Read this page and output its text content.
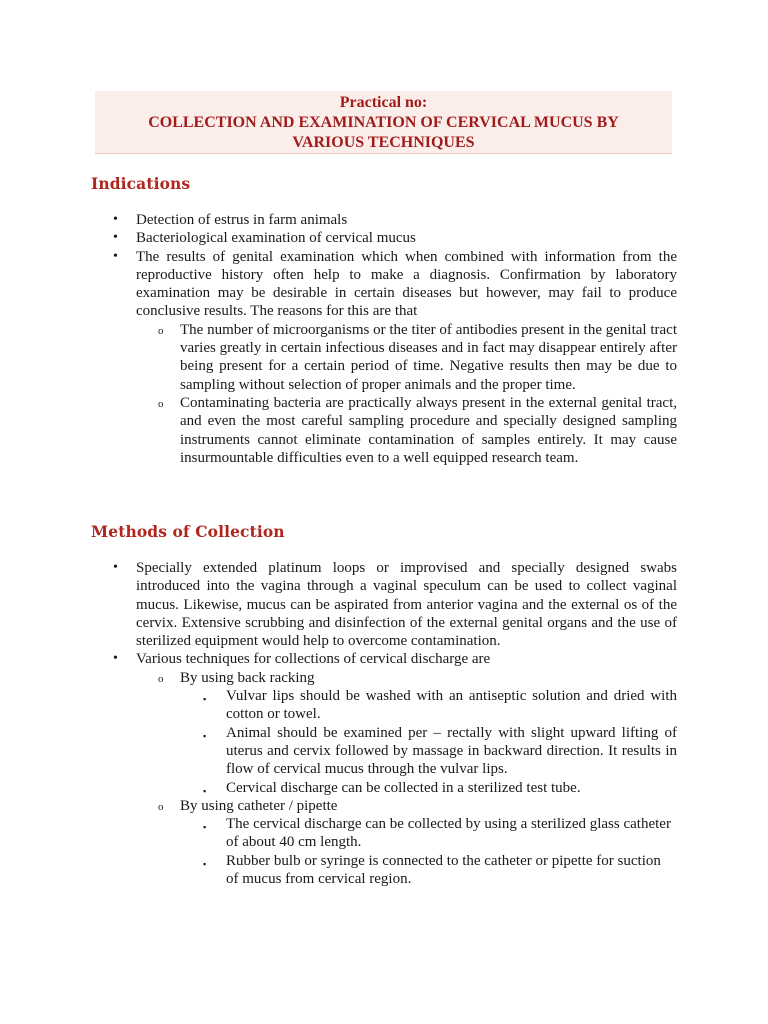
Practical no:
COLLECTION AND EXAMINATION OF CERVICAL MUCUS BY
VARIOUS TECHNIQUES
Indications
• Detection of estrus in farm animals
• Bacteriological examination of cervical mucus
• The results of genital examination which when combined with information from the reproductive history often help to make a diagnosis. Confirmation by laboratory examination may be desirable in certain diseases but however, may fail to produce conclusive results. The reasons for this are that
o The number of microorganisms or the titer of antibodies present in the genital tract varies greatly in certain infectious diseases and in fact may disappear entirely after being present for a certain period of time. Negative results then may be due to sampling without selection of proper animals and the proper time.
o Contaminating bacteria are practically always present in the external genital tract, and even the most careful sampling procedure and specially designed sampling instruments cannot eliminate contamination of samples entirely. It may cause insurmountable difficulties even to a well equipped research team.
Methods of Collection
• Specially extended platinum loops or improvised and specially designed swabs introduced into the vagina through a vaginal speculum can be used to collect vaginal mucus. Likewise, mucus can be aspirated from anterior vagina and the external os of the cervix. Extensive scrubbing and disinfection of the external genital organs and the use of sterilized equipment would help to overcome contamination.
• Various techniques for collections of cervical discharge are
o By using back racking
▪ Vulvar lips should be washed with an antiseptic solution and dried with cotton or towel.
▪ Animal should be examined per – rectally with slight upward lifting of uterus and cervix followed by massage in backward direction. It results in flow of cervical mucus through the vulvar lips.
▪ Cervical discharge can be collected in a sterilized test tube.
o By using catheter / pipette
▪ The cervical discharge can be collected by using a sterilized glass catheter of about 40 cm length.
▪ Rubber bulb or syringe is connected to the catheter or pipette for suction of mucus from cervical region.
